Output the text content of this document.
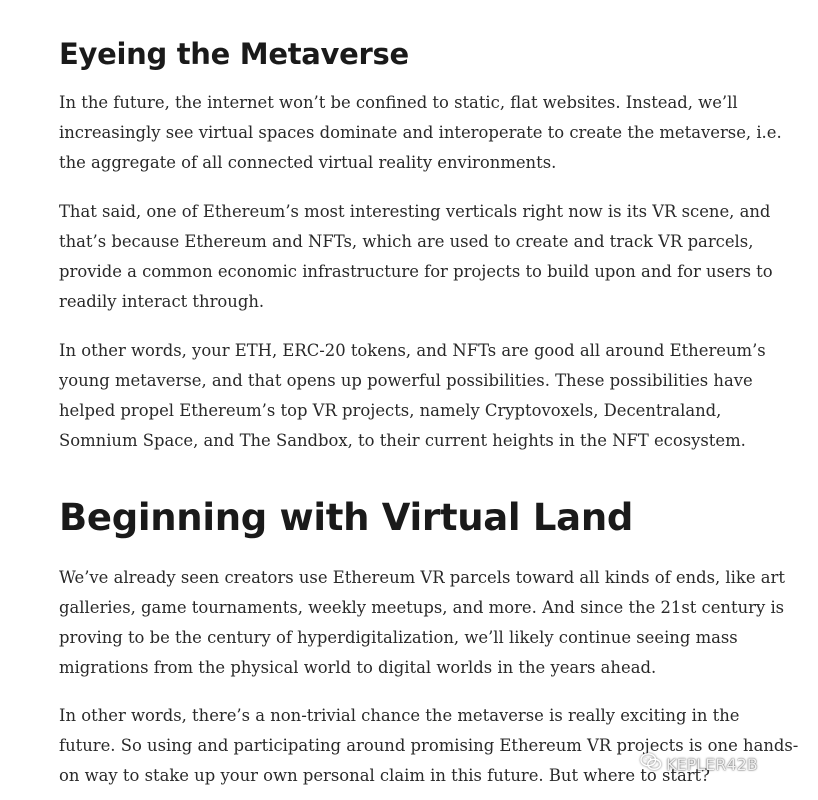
Eyeing the Metaverse

In the future, the internet won’t be confined to static, flat websites. Instead, we’ll increasingly see virtual spaces dominate and interoperate to create the metaverse, i.e. the aggregate of all connected virtual reality environments.

That said, one of Ethereum’s most interesting verticals right now is its VR scene, and that’s because Ethereum and NFTs, which are used to create and track VR parcels, provide a common economic infrastructure for projects to build upon and for users to readily interact through.

In other words, your ETH, ERC-20 tokens, and NFTs are good all around Ethereum’s young metaverse, and that opens up powerful possibilities. These possibilities have helped propel Ethereum’s top VR projects, namely Cryptovoxels, Decentraland, Somnium Space, and The Sandbox, to their current heights in the NFT ecosystem.

Beginning with Virtual Land

We’ve already seen creators use Ethereum VR parcels toward all kinds of ends, like art galleries, game tournaments, weekly meetups, and more. And since the 21st century is proving to be the century of hyperdigitalization, we’ll likely continue seeing mass migrations from the physical world to digital worlds in the years ahead.

In other words, there’s a non-trivial chance the metaverse is really exciting in the future. So using and participating around promising Ethereum VR projects is one hands-on way to stake up your own personal claim in this future. But where to start?

KEPLER42B
